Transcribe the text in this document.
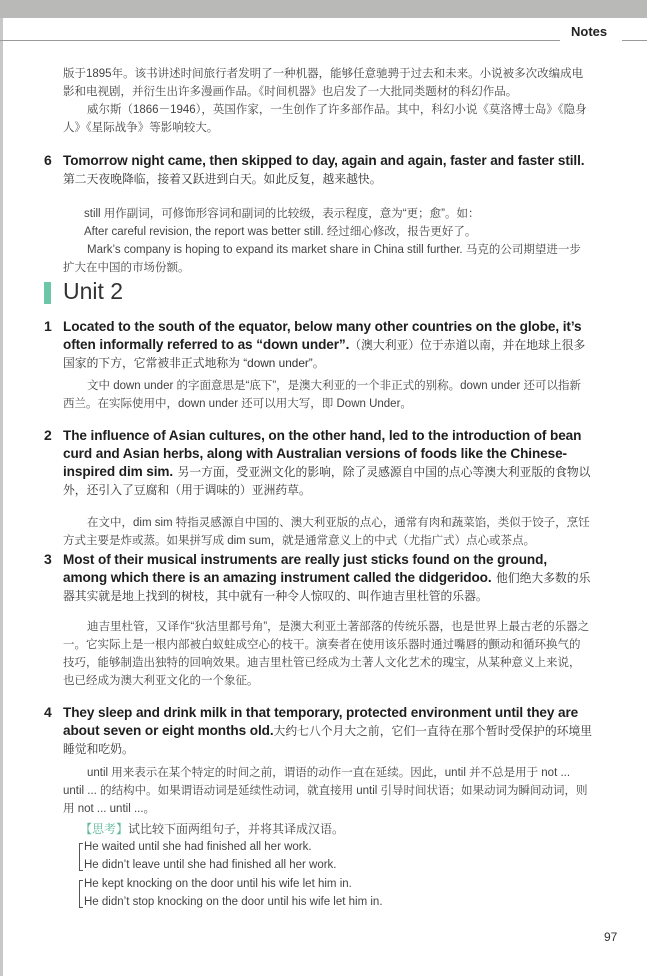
Notes
版于1895年。该书讲述时间旅行者发明了一种机器，能够任意驰骋于过去和未来。小说被多次改编成电影和电视剧，并衍生出许多漫画作品。《时间机器》也启发了一大批同类题材的科幻作品。
威尔斯（1866－1946），英国作家，一生创作了许多部作品。其中，科幻小说《莫洛博士岛》《隐身人》《星际战争》等影响较大。
6 Tomorrow night came, then skipped to day, again and again, faster and faster still.
第二天夜晚降临，接着又跃进到白天。如此反复，越来越快。
still 用作副词，可修饰形容词和副词的比较级，表示程度，意为“更；愈”。如：
After careful revision, the report was better still. 经过细心修改，报告更好了。
Mark’s company is hoping to expand its market share in China still further. 马克的公司期望进一步扩大在中国的市场份额。
Unit 2
1 Located to the south of the equator, below many other countries on the globe, it’s often informally referred to as “down under”.（澳大利亚）位于赤道以南，并在地球上很多国家的下方，它常被非正式地称为 “down under”。
文中 down under 的字面意思是“底下”，是澳大利亚的一个非正式的别称。down under 还可以指新西兰。在实际使用中，down under 还可以用大写，即 Down Under。
2 The influence of Asian cultures, on the other hand, led to the introduction of bean curd and Asian herbs, along with Australian versions of foods like the Chinese-inspired dim sim. 另一方面，受亚洲文化的影响，除了灵感源自中国的点心等澳大利亚版的食物以外，还引入了豆腐和（用于调味的）亚洲药草。
在文中，dim sim 特指灵感源自中国的、澳大利亚版的点心，通常有肉和蔬菜馅，类似于饺子，烹饪方式主要是炸或蒸。如果拼写成 dim sum，就是通常意义上的中式（尤指广式）点心或茶点。
3 Most of their musical instruments are really just sticks found on the ground, among which there is an amazing instrument called the didgeridoo. 他们绝大多数的乐器其实就是地上找到的树枝，其中就有一种令人惊叹的、叫作迪吉里杜管的乐器。
迪吉里杜管，又译作“狄洁里都号角”，是澳大利亚土著部落的传统乐器，也是世界上最古老的乐器之一。它实际上是一根内部被白蚁蛀成空心的枝干。演奏者在使用该乐器时通过嘴唇的颤动和循环换气的技巧，能够制造出独特的回响效果。迪吉里杜管已经成为土著人文化艺术的瑰宝，从某种意义上来说，也已经成为澳大利亚文化的一个象征。
4 They sleep and drink milk in that temporary, protected environment until they are about seven or eight months old.大约七八个月大之前，它们一直待在那个暂时受保护的环境里睡觉和吃奶。
until 用来表示在某个特定的时间之前，谓语的动作一直在延续。因此，until 并不总是用于 not ... until ... 的结构中。如果谓语动词是延续性动词，就直接用 until 引导时间状语；如果动词为瞬间动词，则用 not ... until ...。
【思考】试比较下面两组句子，并将其译成汉语。
He waited until she had finished all her work.
He didn’t leave until she had finished all her work.
He kept knocking on the door until his wife let him in.
He didn’t stop knocking on the door until his wife let him in.
97
